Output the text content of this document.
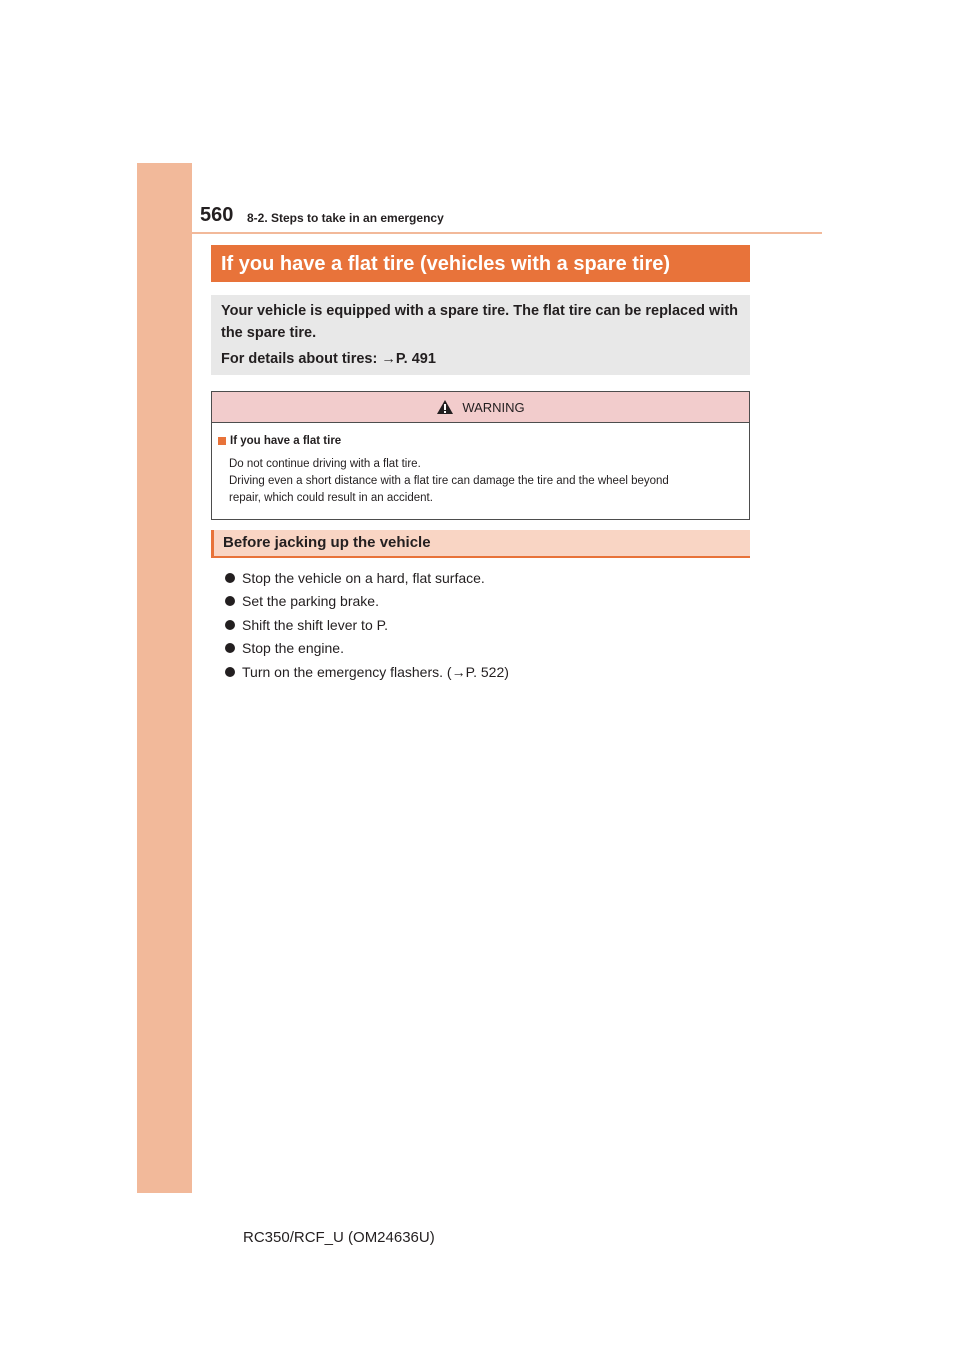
560 8-2. Steps to take in an emergency
If you have a flat tire (vehicles with a spare tire)
Your vehicle is equipped with a spare tire. The flat tire can be replaced with
the spare tire.
For details about tires: →P. 491
WARNING
If you have a flat tire
Do not continue driving with a flat tire.
Driving even a short distance with a flat tire can damage the tire and the wheel beyond
repair, which could result in an accident.
Before jacking up the vehicle
Stop the vehicle on a hard, flat surface.
Set the parking brake.
Shift the shift lever to P.
Stop the engine.
Turn on the emergency flashers. (→P. 522)
RC350/RCF_U (OM24636U)
